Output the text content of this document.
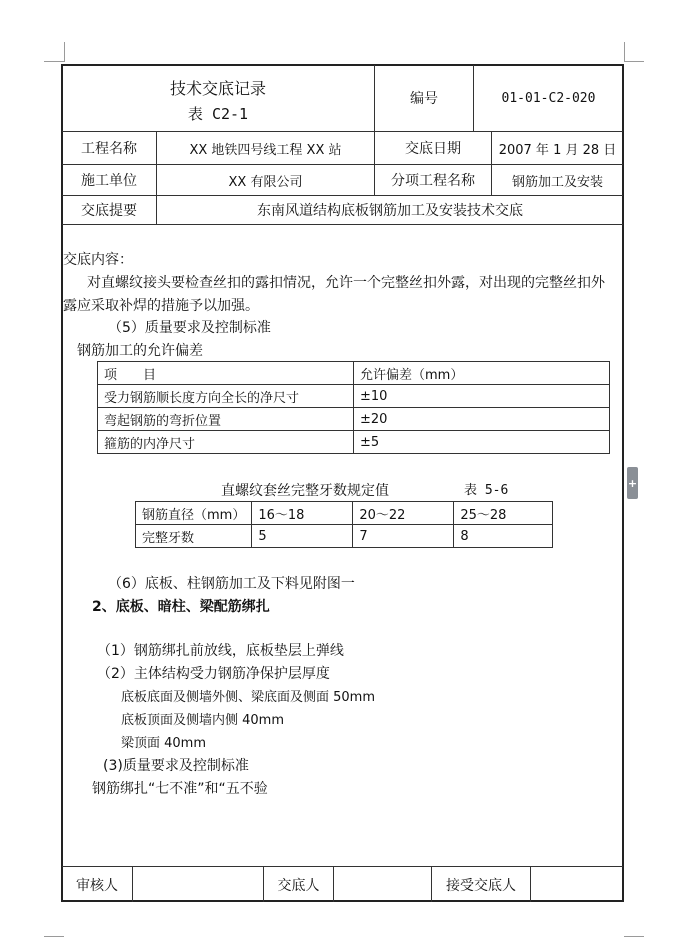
技术交底记录
表 C2-1
编号	01-01-C2-020
工程名称	XX 地铁四号线工程 XX 站	交底日期	2007 年 1 月 28 日
施工单位	XX 有限公司	分项工程名称	钢筋加工及安装
交底提要	东南风道结构底板钢筋加工及安装技术交底
交底内容：
对直螺纹接头要检查丝扣的露扣情况，允许一个完整丝扣外露，对出现的完整丝扣外
露应采取补焊的措施予以加强。
（5）质量要求及控制标准
钢筋加工的允许偏差
项　　目	允许偏差（mm）
受力钢筋顺长度方向全长的净尺寸	±10
弯起钢筋的弯折位置	±20
箍筋的内净尺寸	±5
直螺纹套丝完整牙数规定值	表 5-6
钢筋直径（mm）	16～18	20～22	25～28
完整牙数	5	7	8
（6）底板、柱钢筋加工及下料见附图一
2、底板、暗柱、梁配筋绑扎
（1）钢筋绑扎前放线，底板垫层上弹线
（2）主体结构受力钢筋净保护层厚度
底板底面及侧墙外侧、梁底面及侧面 50mm
底板顶面及侧墙内侧 40mm
梁顶面 40mm
(3)质量要求及控制标准
钢筋绑扎“七不准”和“五不验
审核人	交底人	接受交底人
+
